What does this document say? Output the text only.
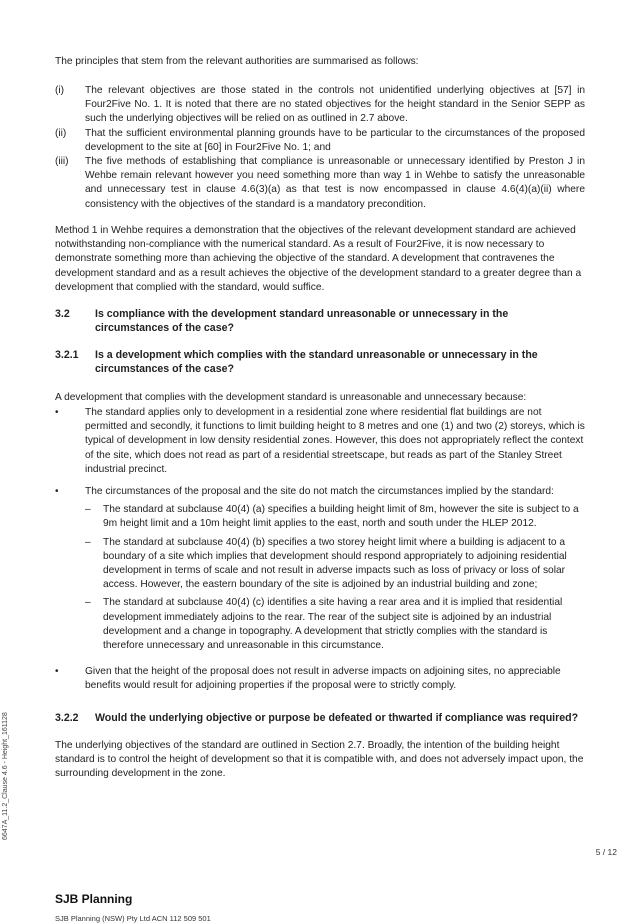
The principles that stem from the relevant authorities are summarised as follows:

(i)	The relevant objectives are those stated in the controls not unidentified underlying objectives at [57] in Four2Five No. 1. It is noted that there are no stated objectives for the height standard in the Senior SEPP as such the underlying objectives will be relied on as outlined in 2.7 above.
(ii)	That the sufficient environmental planning grounds have to be particular to the circumstances of the proposed development to the site at [60] in Four2Five No. 1; and
(iii)	The five methods of establishing that compliance is unreasonable or unnecessary identified by Preston J in Wehbe remain relevant however you need something more than way 1 in Wehbe to satisfy the unreasonable and unnecessary test in clause 4.6(3)(a) as that test is now encompassed in clause 4.6(4)(a)(ii) where consistency with the objectives of the standard is a mandatory precondition.

Method 1 in Wehbe requires a demonstration that the objectives of the relevant development standard are achieved notwithstanding non-compliance with the numerical standard. As a result of Four2Five, it is now necessary to demonstrate something more than achieving the objective of the standard. A development that contravenes the development standard and as a result achieves the objective of the development standard to a greater degree than a development that complied with the standard, would suffice.

3.2	Is compliance with the development standard unreasonable or unnecessary in the circumstances of the case?
3.2.1	Is a development which complies with the standard unreasonable or unnecessary in the circumstances of the case?

A development that complies with the development standard is unreasonable and unnecessary because:

•	The standard applies only to development in a residential zone where residential flat buildings are not permitted and secondly, it functions to limit building height to 8 metres and one (1) and two (2) storeys, which is typical of development in low density residential zones. However, this does not appropriately reflect the context of the site, which does not read as part of a residential streetscape, but reads as part of the Stanley Street industrial precinct.
•	The circumstances of the proposal and the site do not match the circumstances implied by the standard:
–	The standard at subclause 40(4) (a) specifies a building height limit of 8m, however the site is subject to a 9m height limit and a 10m height limit applies to the east, north and south under the HLEP 2012.
–	The standard at subclause 40(4) (b) specifies a two storey height limit where a building is adjacent to a boundary of a site which implies that development should respond appropriately to adjoining residential development in terms of scale and not result in adverse impacts such as loss of privacy or loss of solar access. However, the eastern boundary of the site is adjoined by an industrial building and zone;
–	The standard at subclause 40(4) (c) identifies a site having a rear area and it is implied that residential development immediately adjoins to the rear. The rear of the subject site is adjoined by an industrial development and a change in topography. A development that strictly complies with the standard is therefore unnecessary and unreasonable in this circumstance.
•	Given that the height of the proposal does not result in adverse impacts on adjoining sites, no appreciable benefits would result for adjoining properties if the proposal were to strictly comply.
3.2.2	Would the underlying objective or purpose be defeated or thwarted if compliance was required?

The underlying objectives of the standard are outlined in Section 2.7. Broadly, the intention of the building height standard is to control the height of development so that it is compatible with, and does not adversely impact upon, the surrounding development in the zone.

6647A_11.2_Clause 4.6 - Height_161128
5 / 12
SJB Planning
SJB Planning (NSW) Pty Ltd ACN 112 509 501
